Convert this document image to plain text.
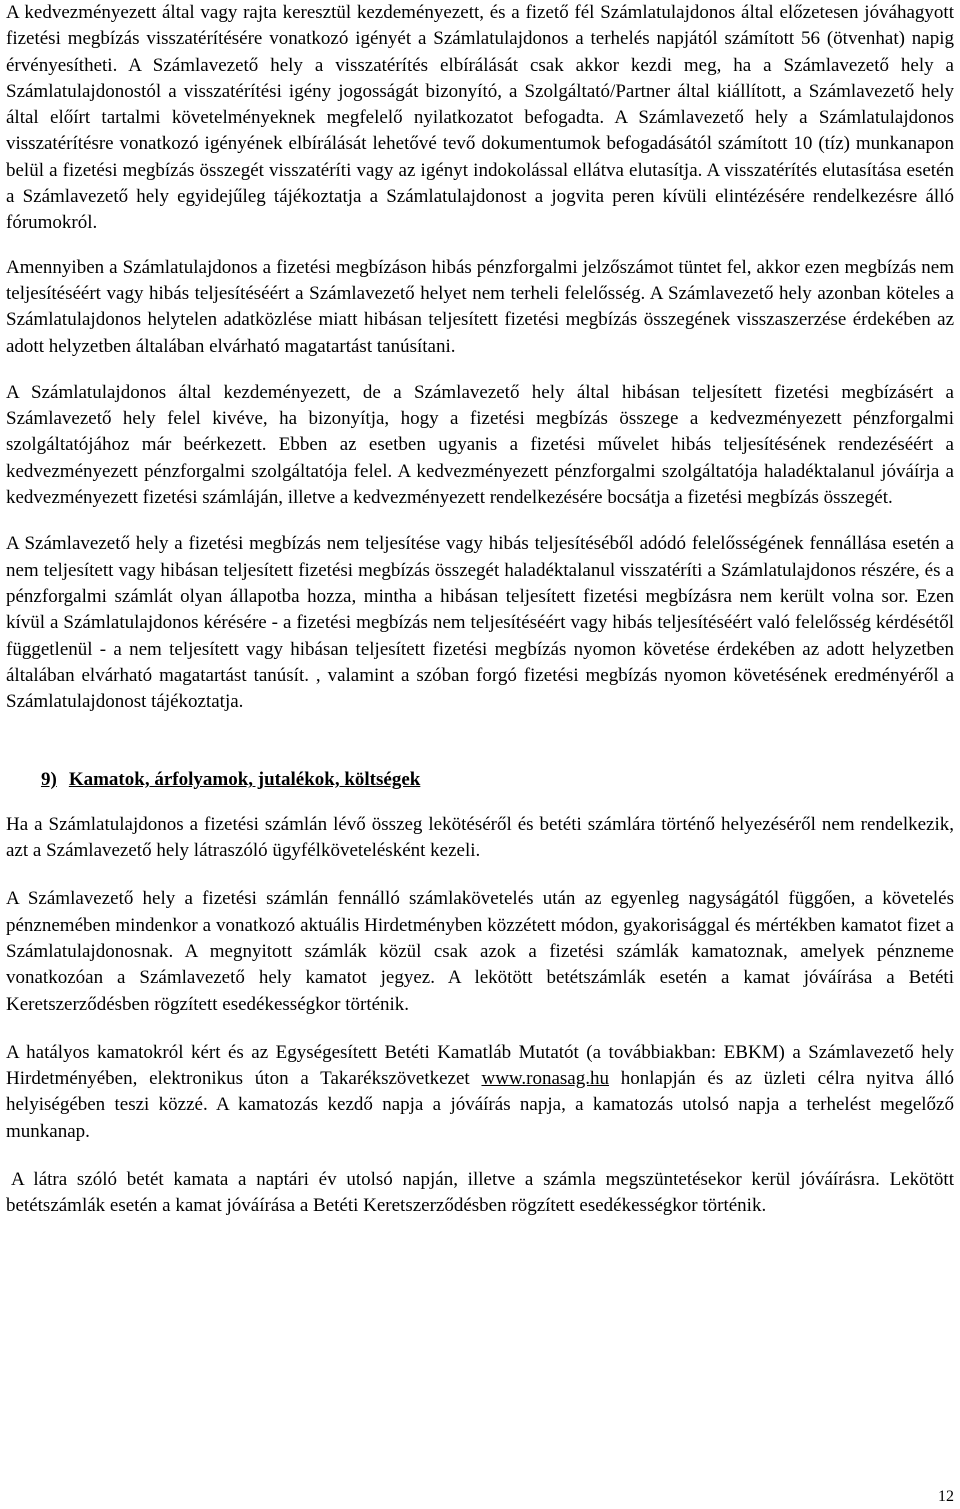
A kedvezményezett által vagy rajta keresztül kezdeményezett, és a fizető fél Számlatulajdonos által előzetesen jóváhagyott fizetési megbízás visszatérítésére vonatkozó igényét a Számlatulajdonos a terhelés napjától számított 56 (ötvenhat) napig érvényesítheti. A Számlavezető hely a visszatérítés elbírálását csak akkor kezdi meg, ha a Számlavezető hely a Számlatulajdonostól a visszatérítési igény jogosságát bizonyító, a Szolgáltató/Partner által kiállított, a Számlavezető hely által előírt tartalmi követelményeknek megfelelő nyilatkozatot befogadta. A Számlavezető hely a Számlatulajdonos visszatérítésre vonatkozó igényének elbírálását lehetővé tevő dokumentumok befogadásától számított 10 (tíz) munkanapon belül a fizetési megbízás összegét visszatéríti vagy az igényt indokolással ellátva elutasítja. A visszatérítés elutasítása esetén a Számlavezető hely egyidejűleg tájékoztatja a Számlatulajdonost a jogvita peren kívüli elintézésére rendelkezésre álló fórumokról.

Amennyiben a Számlatulajdonos a fizetési megbízáson hibás pénzforgalmi jelzőszámot tüntet fel, akkor ezen megbízás nem teljesítéséért vagy hibás teljesítéséért a Számlavezető helyet nem terheli felelősség. A Számlavezető hely azonban köteles a Számlatulajdonos helytelen adatközlése miatt hibásan teljesített fizetési megbízás összegének visszaszerzése érdekében az adott helyzetben általában elvárható magatartást tanúsítani.

A Számlatulajdonos által kezdeményezett, de a Számlavezető hely által hibásan teljesített fizetési megbízásért a Számlavezető hely felel kivéve, ha bizonyítja, hogy a fizetési megbízás összege a kedvezményezett pénzforgalmi szolgáltatójához már beérkezett. Ebben az esetben ugyanis a fizetési művelet hibás teljesítésének rendezéséért a kedvezményezett pénzforgalmi szolgáltatója felel. A kedvezményezett pénzforgalmi szolgáltatója haladéktalanul jóváírja a kedvezményezett fizetési számláján, illetve a kedvezményezett rendelkezésére bocsátja a fizetési megbízás összegét.

A Számlavezető hely a fizetési megbízás nem teljesítése vagy hibás teljesítéséből adódó felelősségének fennállása esetén a nem teljesített vagy hibásan teljesített fizetési megbízás összegét haladéktalanul visszatéríti a Számlatulajdonos részére, és a pénzforgalmi számlát olyan állapotba hozza, mintha a hibásan teljesített fizetési megbízásra nem került volna sor. Ezen kívül a Számlatulajdonos kérésére - a fizetési megbízás nem teljesítéséért vagy hibás teljesítéséért való felelősség kérdésétől függetlenül - a nem teljesített vagy hibásan teljesített fizetési megbízás nyomon követése érdekében az adott helyzetben általában elvárható magatartást tanúsít. , valamint a szóban forgó fizetési megbízás nyomon követésének eredményéről a Számlatulajdonost tájékoztatja.

9) Kamatok, árfolyamok, jutalékok, költségek

Ha a Számlatulajdonos a fizetési számlán lévő összeg lekötéséről és betéti számlára történő helyezéséről nem rendelkezik, azt a Számlavezető hely látraszóló ügyfélkövetelésként kezeli.

A Számlavezető hely a fizetési számlán fennálló számlakövetelés után az egyenleg nagyságától függően, a követelés pénznemében mindenkor a vonatkozó aktuális Hirdetményben közzétett módon, gyakorisággal és mértékben kamatot fizet a Számlatulajdonosnak. A megnyitott számlák közül csak azok a fizetési számlák kamatoznak, amelyek pénzneme vonatkozóan a Számlavezető hely kamatot jegyez. A lekötött betétszámlák esetén a kamat jóváírása a Betéti Keretszerződésben rögzített esedékességkor történik.

A hatályos kamatokról kért és az Egységesített Betéti Kamatláb Mutatót (a továbbiakban: EBKM) a Számlavezető hely Hirdetményében, elektronikus úton a Takarékszövetkezet www.ronasag.hu honlapján és az üzleti célra nyitva álló helyiségében teszi közzé. A kamatozás kezdő napja a jóváírás napja, a kamatozás utolsó napja a terhelést megelőző munkanap.

A látra szóló betét kamata a naptári év utolsó napján, illetve a számla megszüntetésekor kerül jóváírásra. Lekötött betétszámlák esetén a kamat jóváírása a Betéti Keretszerződésben rögzített esedékességkor történik.

12
